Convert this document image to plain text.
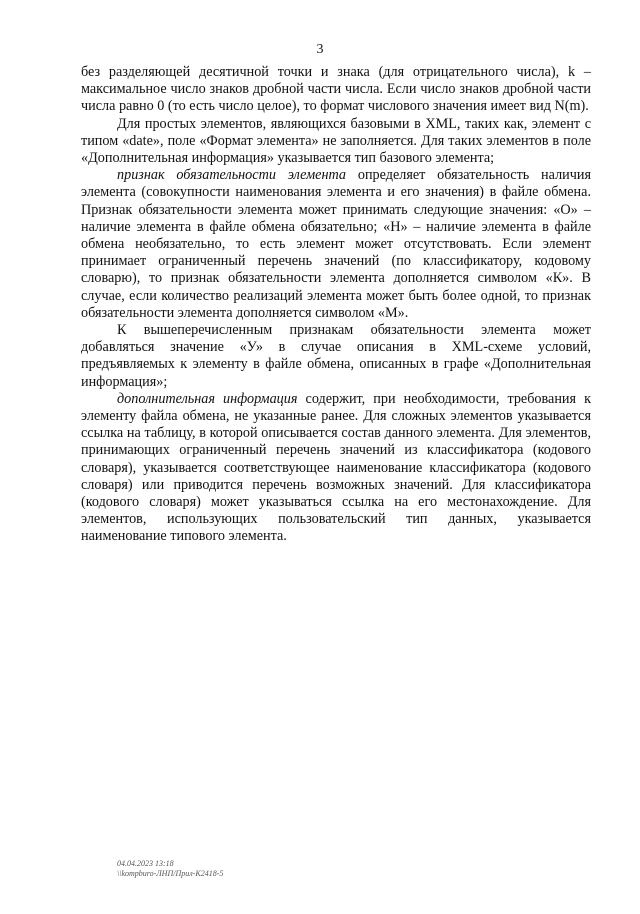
3

без разделяющей десятичной точки и знака (для отрицательного числа), k – максимальное число знаков дробной части числа. Если число знаков дробной части числа равно 0 (то есть число целое), то формат числового значения имеет вид N(m).

Для простых элементов, являющихся базовыми в XML, таких как, элемент с типом «date», поле «Формат элемента» не заполняется. Для таких элементов в поле «Дополнительная информация» указывается тип базового элемента;

признак обязательности элемента определяет обязательность наличия элемента (совокупности наименования элемента и его значения) в файле обмена. Признак обязательности элемента может принимать следующие значения: «О» – наличие элемента в файле обмена обязательно; «Н» – наличие элемента в файле обмена необязательно, то есть элемент может отсутствовать. Если элемент принимает ограниченный перечень значений (по классификатору, кодовому словарю), то признак обязательности элемента дополняется символом «К». В случае, если количество реализаций элемента может быть более одной, то признак обязательности элемента дополняется символом «М».

К вышеперечисленным признакам обязательности элемента может добавляться значение «У» в случае описания в XML-схеме условий, предъявляемых к элементу в файле обмена, описанных в графе «Дополнительная информация»;

дополнительная информация содержит, при необходимости, требования к элементу файла обмена, не указанные ранее. Для сложных элементов указывается ссылка на таблицу, в которой описывается состав данного элемента. Для элементов, принимающих ограниченный перечень значений из классификатора (кодового словаря), указывается соответствующее наименование классификатора (кодового словаря) или приводится перечень возможных значений. Для классификатора (кодового словаря) может указываться ссылка на его местонахождение. Для элементов, использующих пользовательский тип данных, указывается наименование типового элемента.

04.04.2023 13:18
\\kompburo-ЛНП/Прил-К2418-5
